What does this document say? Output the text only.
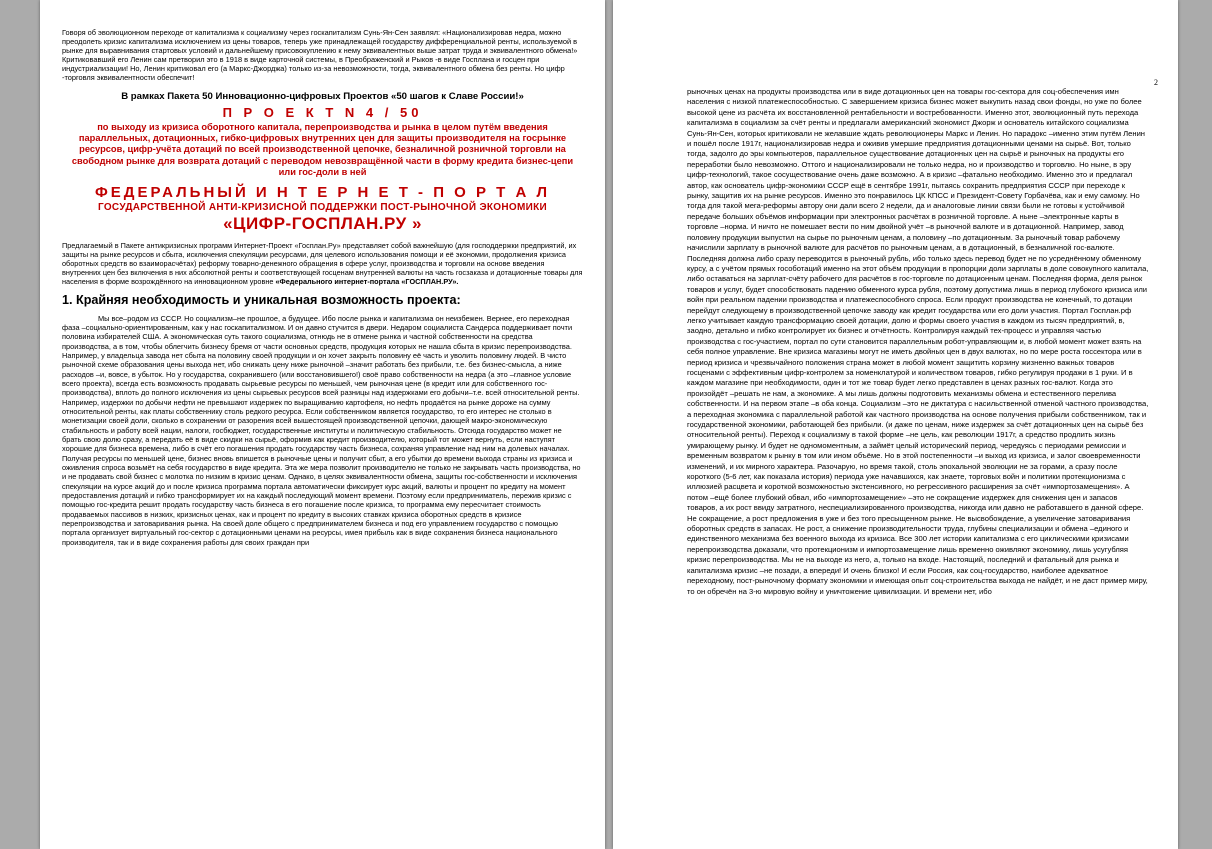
Говоря об эволюционном переходе от капитализма к социализму через госкапитализм Сунь-Ян-Сен заявлял: «Национализировав недра, можно преодолеть кризис капитализма исключением из цены товаров, теперь уже принадлежащей государству дифференциальной ренты, используемой в рынке для выравнивания стартовых условий и дальнейшему присовокуплению к нему эквивалентных выше затрат труда и эквивалентного обмена!» Критиковавший его Ленин сам претворил это в 1918 в виде карточной системы, в Преображенский и Рыков -в виде Госплана и госцен при индустриализации! Но, Ленин критиковал его (а Маркс-Джорджа) только из-за невозможности, тогда, эквивалентного обмена без ренты. Но цифр -торговля эквивалентности обеспечит!

В рамках Пакета 50 Инновационно-цифровых Проектов «50 шагов к Славе России!»

П Р О Е К Т N 4 / 50

по выходу из кризиса оборотного капитала, перепроизводства и рынка в целом путём введения параллельных, дотационных, гибко-цифровых внутренних цен для защиты производителя на госрынке ресурсов, цифр-учёта дотаций по всей производственной цепочке, безналичной розничной торговли на свободном рынке для возврата дотаций с переводом невозвращённой части в форму кредита бизнес-цепи или гос-доли в ней

ФЕДЕРАЛЬНЫЙ И Н Т Е Р Н Е Т - П О Р Т А Л

ГОСУДАРСТВЕННОЙ АНТИ-КРИЗИСНОЙ ПОДДЕРЖКИ ПОСТ-РЫНОЧНОЙ ЭКОНОМИКИ

«ЦИФР-ГОСПЛАН.РУ »

Предлагаемый в Пакете антикризисных программ Интернет-Проект «Госплан.Ру» представляет собой важнейшую (для господдержки предприятий, их защиты на рынке ресурсов и сбыта, исключения спекуляции ресурсами, для целевого использования помощи и её экономии, продолжения кризиса оборотных средств во взаиморасчётах) реформу товарно-денежного обращения в сфере услуг, производства и торговли на основе введения внутренних цен без включения в них абсолютной ренты и соответствующей госценам внутренней валюты на часть госзаказа и дотационные товары для населения в форме возрождённого на инновационном уровне «Федерального интернет-портала «ГОСПЛАН.РУ».

1. Крайняя необходимость и уникальная возможность проекта:

Мы все–родом из СССР. Но социализм–не прошлое, а будущее. Ибо после рынка и капитализма он неизбежен. Вернее, его переходная фаза –социально-ориентированным, как у нас госкапитализмом. И он давно стучится в двери. Недаром социалиста Сандерса поддерживает почти половина избирателей США. А экономическая суть такого социализма, отнюдь не в отмене рынка и частной собственности на средства производства, а в том, чтобы облегчить бизнесу бремя от части основных средств, продукция которых не нашла сбыта в кризис перепроизводства. Например, у владельца завода нет сбыта на половину своей продукции и он хочет закрыть половину её часть и уволить половину людей. В чисто рыночной схеме образования цены выхода нет, ибо снижать цену ниже рыночной –значит работать без прибыли, т.е. без бизнес-смысла, а ниже расходов –и, вовсе, в убыток. Но у государства, сохранившего (или восстановившего!) своё право собственности на недра (а это –главное условие всего проекта), всегда есть возможность продавать сырьевые ресурсы по меньшей, чем рыночная цене (в кредит или для собственного гос-производства), вплоть до полного исключения из цены сырьевых ресурсов всей разницы над издержками его добычи–т.е. всей относительной ренты. Например, издержки по добычи нефти не превышают издержек по выращиванию картофеля, но нефть продаётся на рынке дороже на сумму относительной ренты, как платы собственнику столь редкого ресурса. Если собственником является государство, то его интерес не столько в монетизации своей доли, сколько в сохранении от разорения всей вышестоящей производственной цепочки, дающей макро-экономическую стабильность и работу всей нации, налоги, госбюджет, государственные институты и политическую стабильность. Отсюда государство может не брать свою долю сразу, а передать её в виде скидки на сырьё, оформив как кредит производителю, который тот может вернуть, если наступят хорошие для бизнеса времена, либо в счёт его погашения продать государству часть бизнеса, сохраняя управление над ним на долевых началах. Получая ресурсы по меньшей цене, бизнес вновь впишется в рыночные цены и получит сбыт, а его убытки до времени выхода страны из кризиса и оживления спроса возьмёт на себя государство в виде кредита. Эта же мера позволит производителю не только не закрывать часть производства, но и не продавать свой бизнес с молотка по низким в кризис ценам. Однако, в целях эквивалентности обмена, защиты гос-собственности и исключения спекуляции на курсе акций до и после кризиса программа портала автоматически фиксирует курс акций, валюты и процент по кредиту на момент предоставления дотаций и гибко трансформирует их на каждый последующий момент времени. Поэтому если предприниматель, пережив кризис с помощью гос-кредита решит продать государству часть бизнеса в его погашение после кризиса, то программа ему пересчитает стоимость продаваемых пассивов в низких, кризисных ценах, как и процент по кредиту в высоких ставках кризиса оборотных средств в кризисе перепроизводства и затоваривания рынка. На своей доле общего с предпринимателем бизнеса и под его управлением государство с помощью портала организует виртуальный гос-сектор с дотационными ценами на ресурсы, имея прибыль как в виде сохранения бизнеса национального производителя, так и в виде сохранения работы для своих граждан при

2

рыночных ценах на продукты производства или в виде дотационных цен на товары гос-сектора для соц-обеспечения имн населения с низкой платежеспособностью. С завершением кризиса бизнес может выкупить назад свои фонды, но уже по более высокой цене из расчёта их восстановленной рентабельности и востребованности. Именно этот, эволюционный путь перехода капитализма в социализм за счёт ренты и предлагали американский экономист Джорж и основатель китайского социализма Сунь-Ян-Сен, которых критиковали не желавшие ждать революционеры Маркс и Ленин. Но парадокс –именно этим путём Ленин и пошёл после 1917г, национализировав недра и оживив умершие предприятия дотационными ценами на сырьё. Вот, только тогда, задолго до эры компьютеров, параллельное существование дотационных цен на сырьё и рыночных на продукты его переработки было невозможно. Оттого и национализировали не только недра, но и производство и торговлю. Но ныне, в эру цифр-технологий, такое сосуществование очень даже возможно. А в кризис –фатально необходимо. Именно это и предлагал автор, как основатель цифр-экономики СССР ещё в сентябре 1991г, пытаясь сохранить предприятия СССР при переходе к рынку, защитив их на рынке ресурсов. Именно это понравилось ЦК КПСС и Президент-Совету Горбачёва, как и ему самому. Но тогда для такой мега-реформы автору они дали всего 2 недели, да и аналоговые линии связи были не готовы к устойчивой передаче больших объёмов информации при электронных расчётах в розничной торговле. А ныне –электронные карты в торговле –норма. И ничто не помешает вести по ним двойной учёт –в рыночной валюте и в дотационной. Например, завод половину продукции выпустил на сырье по рыночным ценам, а половину –по дотационным. За рыночный товар рабочему начислили зарплату в рыночной валюте для расчётов по рыночным ценам, а в дотационный, в безналичной гос-валюте. Последняя должна либо сразу переводится в рыночный рубль, ибо только здесь перевод будет не по усреднённому обменному курсу, а с учётом прямых гособотаций именно на этот объём продукции в пропорции доли зарплаты в доле совокупного капитала, либо оставаться на зарплат-счёту рабочего для расчётов в гос-торговле по дотационным ценам. Последняя форма, деля рынок товаров и услуг, будет способствовать падению обменного курса рубля, поэтому допустима лишь в период глубокого кризиса или войн при реальном падении производства и платежеспособного спроса. Если продукт производства не конечный, то дотации перейдут следующему в производственной цепочке заводу как кредит государства или его доли участия. Портал Госплан.рф легко учитывает каждую трансформацию своей дотации, долю и формы своего участия в каждом из тысяч предприятий, в, заодно, детально и гибко контролирует их бизнес и отчётность. Контролируя каждый тех-процесс и управляя частью производства с гос-участием, портал по сути становится параллельным робот-управляющим и, в любой момент может взять на себя полное управление. Вне кризиса магазины могут не иметь двойных цен в двух валютах, но по мере роста госсектора или в период кризиса и чрезвычайного положения страна может в любой момент защитить корзину жизненно важных товаров госценами с эффективным цифр-контролем за номенклатурой и количеством товаров, гибко регулируя продажи в 1 руки. И в каждом магазине при необходимости, один и тот же товар будет легко представлен в ценах разных гос-валют. Когда это произойдёт –решать не нам, а экономике. А мы лишь должны подготовить механизмы обмена и естественного перелива собственности. И на первом этапе –в оба конца. Социализм –это не диктатура с насильственной отменой частного производства, а переходная экономика с параллельной работой как частного производства на основе получения прибыли собственником, так и государственной экономики, работающей без прибыли. (и даже по ценам, ниже издержек за счёт дотационных цен на сырьё без относительной ренты). Переход к социализму в такой форме –не цель, как революции 1917г, а средство продлить жизнь умирающему рынку. И будет не одномоментным, а займёт целый исторический период, чередуясь с периодами ремиссии и временным возвратом к рынку в том или ином объёме. Но в этой постепенности –и выход из кризиса, и залог своевременности изменений, и их мирного характера. Разочарую, но время такой, столь эпохальной эволюции не за горами, а сразу после короткого (5-6 лет, как показала история) периода уже начавшихся, как знаете, торговых войн и политики протекционизма с иллюзией расцвета и короткой возможностью экстенсивного, но регрессивного расширения за счёт «импортозамещения». А потом –ещё более глубокий обвал, ибо «импортозамещение» –это не сокращение издержек для снижения цен и запасов товаров, а их рост ввиду затратного, неспециализированного производства, никогда или давно не работавшего в данной сфере. Не сокращение, а рост предложения в уже и без того пресыщенном рынке. Не высвобождение, а увеличение затоваривания оборотных средств в запасах. Не рост, а снижение производительности труда, глубины специализации и обмена –единого и единственного механизма без военного выхода из кризиса. Все 300 лет истории капитализма с его циклическими кризисами перепроизводства доказали, что протекционизм и импортозамещение лишь временно оживляют экономику, лишь усугубляя кризис перепроизводства. Мы не на выходе из него, а, только на входе. Настоящий, последний и фатальный для рынка и капитализма кризис –не позади, а впереди! И очень близко! И если Россия, как соц-государство, наиболее адекватное переходному, пост-рыночному формату экономики и имеющая опыт соц-строительства выхода не найдёт, и не даст пример миру, то он обречён на 3-ю мировую войну и уничтожение цивилизации. И времени нет, ибо
